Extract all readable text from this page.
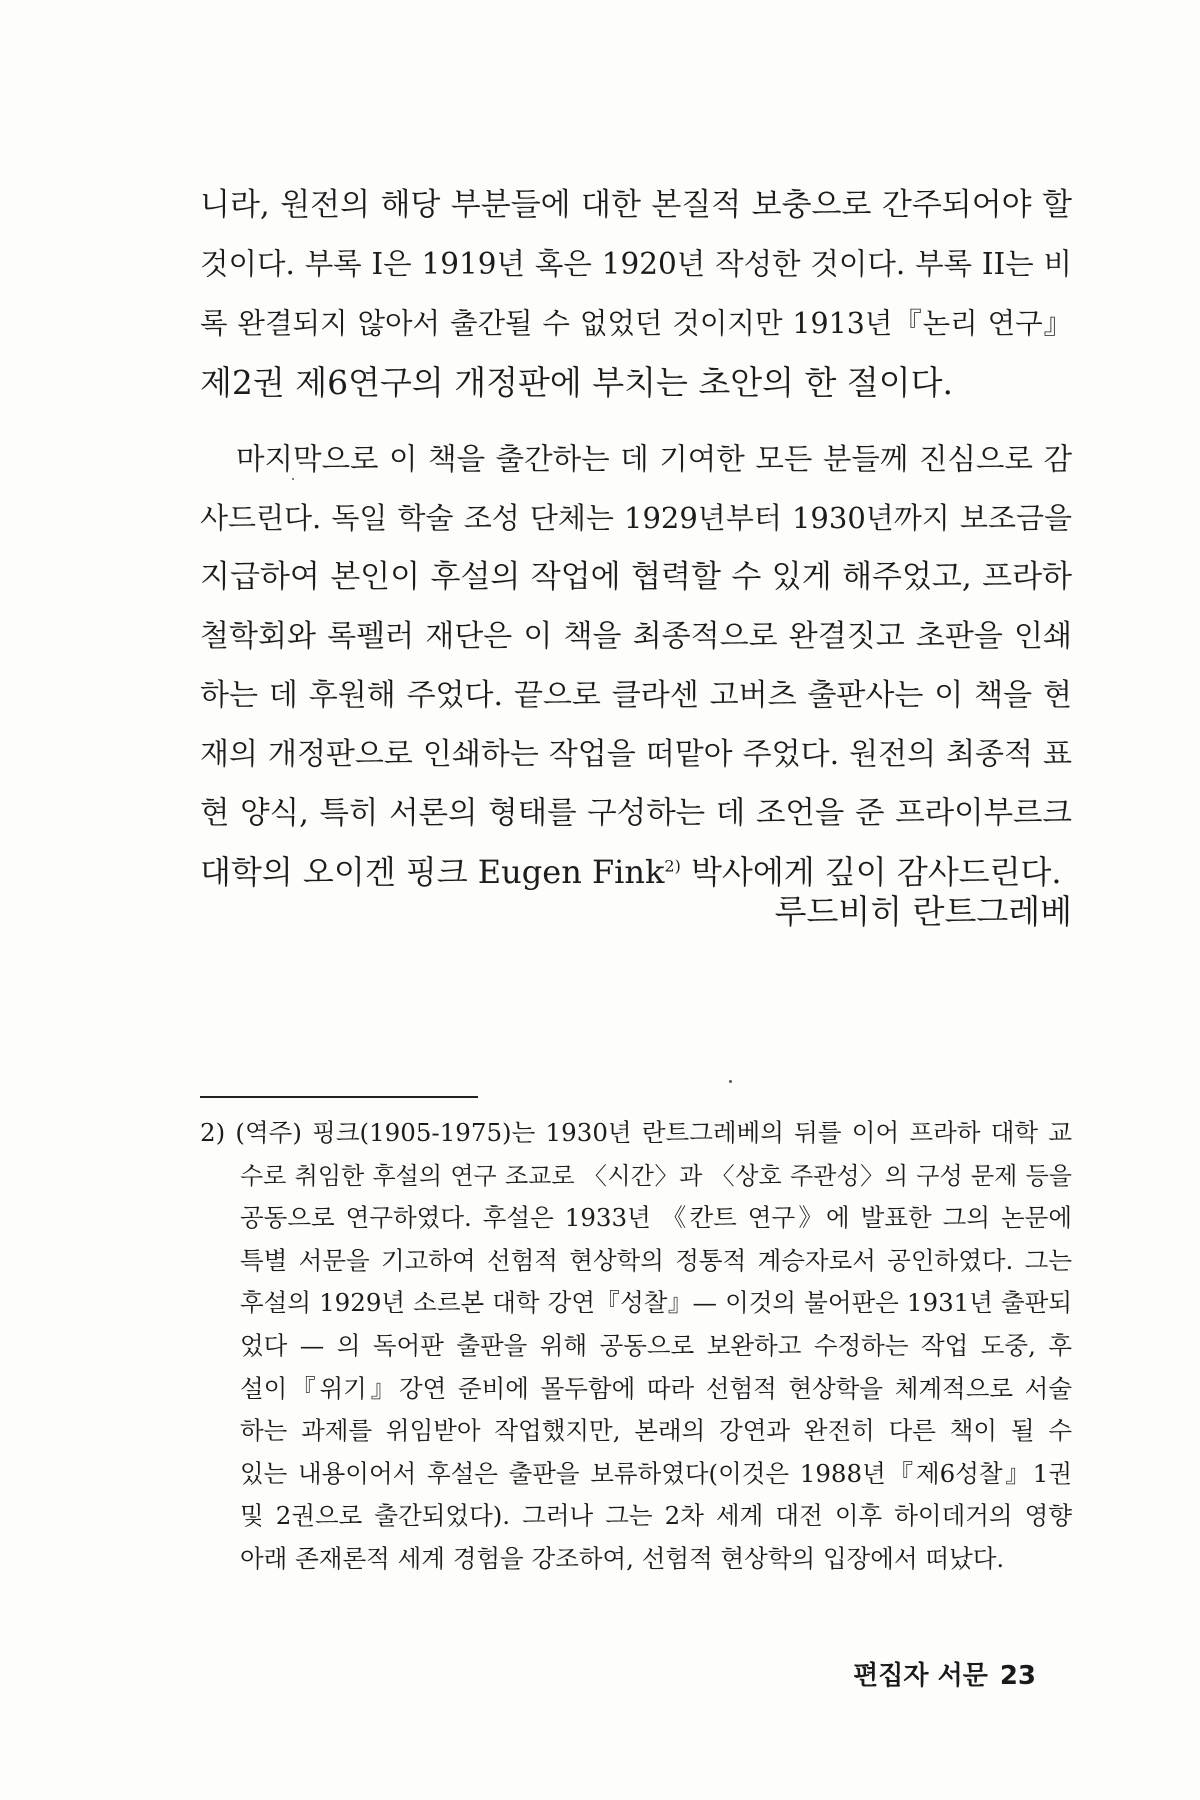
니라, 원전의 해당 부분들에 대한 본질적 보충으로 간주되어야 할
것이다. 부록 I은 1919년 혹은 1920년 작성한 것이다. 부록 II는 비
록 완결되지 않아서 출간될 수 없었던 것이지만 1913년『논리 연구』
제2권 제6연구의 개정판에 부치는 초안의 한 절이다.
마지막으로 이 책을 출간하는 데 기여한 모든 분들께 진심으로 감
사드린다. 독일 학술 조성 단체는 1929년부터 1930년까지 보조금을
지급하여 본인이 후설의 작업에 협력할 수 있게 해주었고, 프라하
철학회와 록펠러 재단은 이 책을 최종적으로 완결짓고 초판을 인쇄
하는 데 후원해 주었다. 끝으로 클라센 고버츠 출판사는 이 책을 현
재의 개정판으로 인쇄하는 작업을 떠맡아 주었다. 원전의 최종적 표
현 양식, 특히 서론의 형태를 구성하는 데 조언을 준 프라이부르크
대학의 오이겐 핑크 Eugen Fink$^{2)}$ 박사에게 깊이 감사드린다.
루드비히 란트그레베
2) (역주) 핑크(1905-1975)는 1930년 란트그레베의 뒤를 이어 프라하 대학 교
수로 취임한 후설의 연구 조교로 〈시간〉과 〈상호 주관성〉의 구성 문제 등을
공동으로 연구하였다. 후설은 1933년 《칸트 연구》에 발표한 그의 논문에
특별 서문을 기고하여 선험적 현상학의 정통적 계승자로서 공인하였다. 그는
후설의 1929년 소르본 대학 강연『성찰』— 이것의 불어판은 1931년 출판되
었다 — 의 독어판 출판을 위해 공동으로 보완하고 수정하는 작업 도중, 후
설이『위기』강연 준비에 몰두함에 따라 선험적 현상학을 체계적으로 서술
하는 과제를 위임받아 작업했지만, 본래의 강연과 완전히 다른 책이 될 수
있는 내용이어서 후설은 출판을 보류하였다(이것은 1988년『제6성찰』1권
및 2권으로 출간되었다). 그러나 그는 2차 세계 대전 이후 하이데거의 영향
아래 존재론적 세계 경험을 강조하여, 선험적 현상학의 입장에서 떠났다.
편집자 서문 23
